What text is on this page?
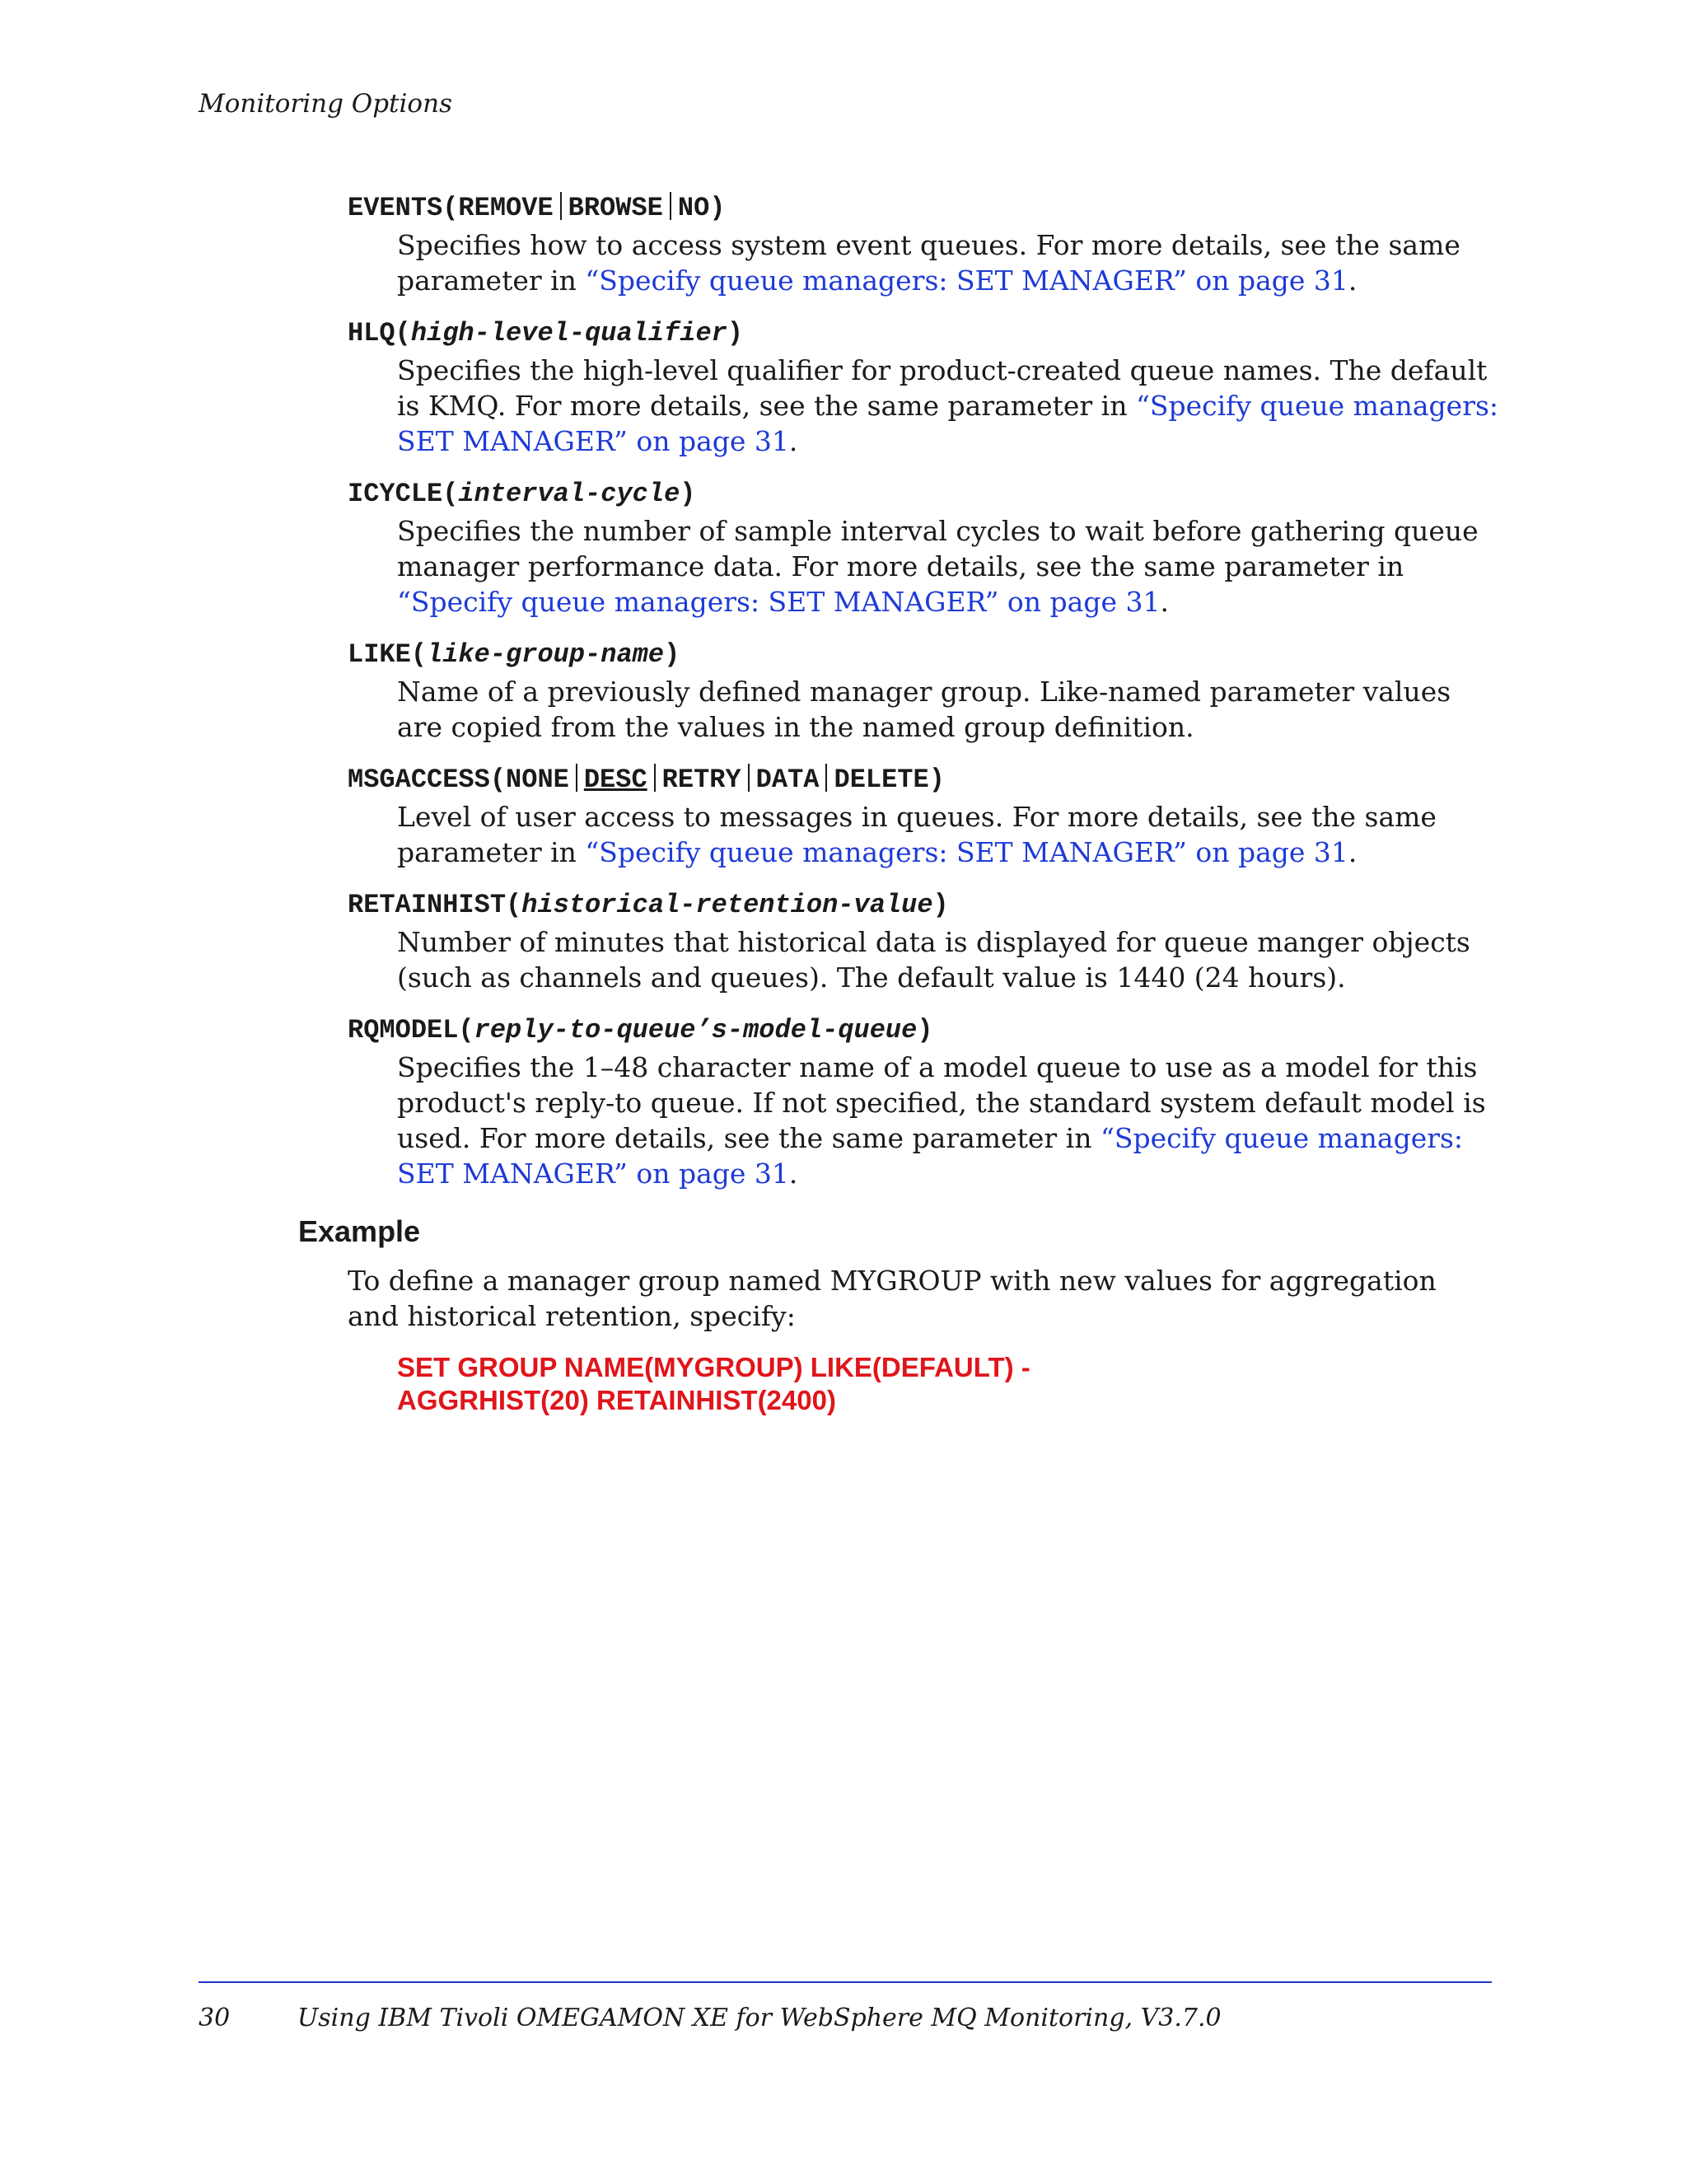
Monitoring Options
EVENTS(REMOVE BROWSE NO)
Specifies how to access system event queues. For more details, see the same parameter in “Specify queue managers: SET MANAGER” on page 31.
HLQ(high-level-qualifier)
Specifies the high-level qualifier for product-created queue names. The default is KMQ. For more details, see the same parameter in “Specify queue managers: SET MANAGER” on page 31.
ICYCLE(interval-cycle)
Specifies the number of sample interval cycles to wait before gathering queue manager performance data. For more details, see the same parameter in “Specify queue managers: SET MANAGER” on page 31.
LIKE(like-group-name)
Name of a previously defined manager group. Like-named parameter values are copied from the values in the named group definition.
MSGACCESS(NONE DESC RETRY DATA DELETE)
Level of user access to messages in queues. For more details, see the same parameter in “Specify queue managers: SET MANAGER” on page 31.
RETAINHIST(historical-retention-value)
Number of minutes that historical data is displayed for queue manger objects (such as channels and queues). The default value is 1440 (24 hours).
RQMODEL(reply-to-queue’s-model-queue)
Specifies the 1–48 character name of a model queue to use as a model for this product's reply-to queue. If not specified, the standard system default model is used. For more details, see the same parameter in “Specify queue managers: SET MANAGER” on page 31.
Example
To define a manager group named MYGROUP with new values for aggregation and historical retention, specify:
SET GROUP NAME(MYGROUP) LIKE(DEFAULT) -
AGGRHIST(20) RETAINHIST(2400)
30	Using IBM Tivoli OMEGAMON XE for WebSphere MQ Monitoring, V3.7.0
